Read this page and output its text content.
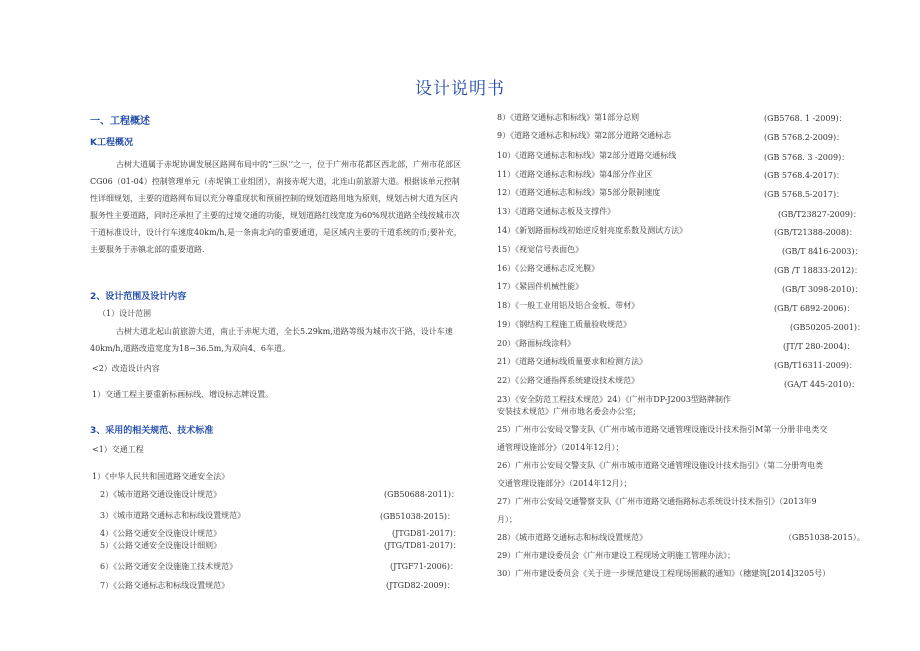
设计说明书
一、工程概述
K工程概况
古树大道属于赤坭协调发展区路网布局中的“三纵’’之一，位于广州市花都区西北部，广州市花部区CG06（01-04）控制管理单元（赤坭镇工业组团），南接赤坭大道，北连山前旅游大道。根据该单元控制性详细规划，主要的道路网布局以充分尊重现状和预留控制的规划道路用地为原则，规划古树大道为区内服务性主要道路，同时还承担了主要的过境交通的功能，规划道路红线宽度为60%现状道路全线按城市次干道标准设计，设计行车速度40km/h,是一条南北向的重要通道，是区域内主要的干道系统的币;要补充，主要服务于赤镇北部的重要道路.
2、设计范围及设计内容
（1）设计范围
古树大道北起山前旅游大道，南止于赤坭大道，全长5.29km,道路等级为城市次干路，设计车速40km/h,道路改造宽度为18~36.5m,为双向4、6车道。
<2）改造设计内容
1）交通工程主要重新标画标线、增设标志牌设置。
3、采用的相关规范、技术标准
<1）交通工程
1）《中华人民共和国道路交通安全法》
2）《城市道路交通设施设计规范》	(GB50688-2011)：
3）《城市道路交通标志和标线设置规范》	(GB51038-2015)：
4）《公路交通安全设施设计规范》	(JTGD81-2017)：
5）《公路交通安全设施设计细则》	(JTG/TD81-2017)：
6）《公路交通安全设施施工技术规范》	(JTGF71-2006)：
7）《公路交通标志和标线设置规范》	(JTGD82-2009)：
8）《道路交通标志和标线》第1部分总则	(GB5768. 1 -2009)：
9）《道路交通标志和标线》第2部分道路交通标志	(GB 5768.2-2009)：
10）《道路交通标志和标线》第2部分道路交通标线	(GB 5768. 3 -2009)：
11）《道路交通标志和标线》第4部分作业区	(GB 5768.4-2017)：
12）《道路交通标志和标线》第5部分限制速度	(GB 5768.5-2017)：
13）《道路交通标志板及支撑件》	(GB/T23827-2009)：
14）《新划路面标线初始逆反射亮度系数及测试方法》	(GB/T21388-2008)：
15）《视觉信号表面色》	(GB/T 8416-2003)：
16）《公路交通标志反光膜》	(GB /T 18833-2012)：
17）《紧固件机械性能》	(GB/T 3098-2010)：
18）《一般工业用铝及铝合金板、带材》	(GB/T 6892-2006)：
19）《钢结构工程施工质量验收规范》	(GB50205-2001)：
20）《路面标线涂料》	(JT/T 280-2004)：
21）《道路交通标线质量要求和检测方法》	(GB/T16311-2009)：
22）《公路交通指挥系统建设技术规范》	(GA/T 445-2010)：
23）《安全防范工程技术规范》24）《广州市DP-J2003型路牌制作
安装技术规范》广州市地名委会办公室;
25）广州市公安局交警支队《广州市城市道路交通管理设施设计技术指引M第一分册非电类交
通管理设施部分》（2014年12月）；
26）广州市公安局交警支队《广州市城市道路交通管理设施设计技术指引》（第二分册弯电类
交通管理设施部分》（2014年12月）；
27）广州市公安局交通警察支队《广州市道路交通指路标志系统设计技术指引》（2013年9
月）；
28）《城市道路交通标志和标线设置规范》	（GB51038-2015）。
29）广州市建设委员会《广州市建设工程现场文明施工管理办法》；
30）广州市建设委员会《关于进一步规范建设工程现场围蔽的通知》（穗建筑[2014]3205号）
